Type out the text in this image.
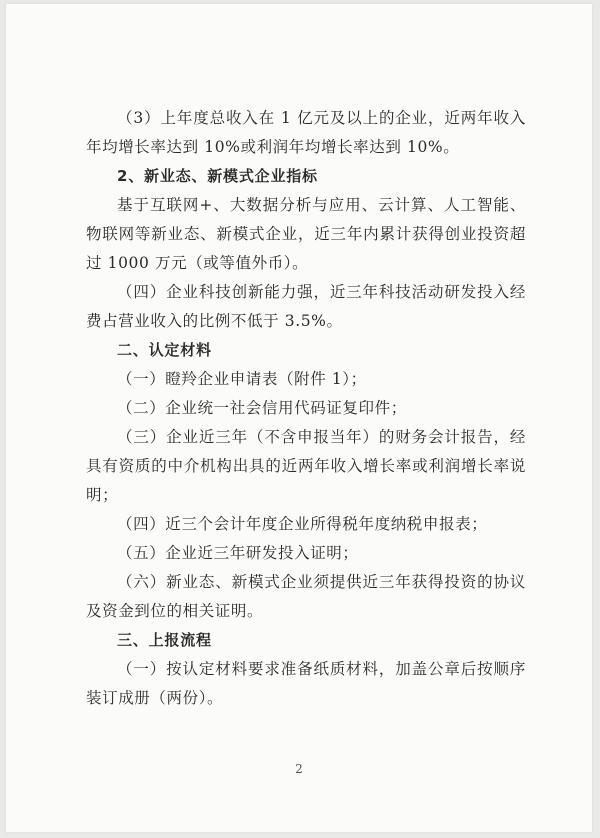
（3）上年度总收入在 1 亿元及以上的企业，近两年收入年均增长率达到 10%或利润年均增长率达到 10%。

2、新业态、新模式企业指标

基于互联网+、大数据分析与应用、云计算、人工智能、物联网等新业态、新模式企业，近三年内累计获得创业投资超过 1000 万元（或等值外币）。

（四）企业科技创新能力强，近三年科技活动研发投入经费占营业收入的比例不低于 3.5%。

二、认定材料

（一）瞪羚企业申请表（附件 1）；

（二）企业统一社会信用代码证复印件；

（三）企业近三年（不含申报当年）的财务会计报告，经具有资质的中介机构出具的近两年收入增长率或利润增长率说明；

（四）近三个会计年度企业所得税年度纳税申报表；

（五）企业近三年研发投入证明；

（六）新业态、新模式企业须提供近三年获得投资的协议及资金到位的相关证明。

三、上报流程

（一）按认定材料要求准备纸质材料，加盖公章后按顺序装订成册（两份）。

2
